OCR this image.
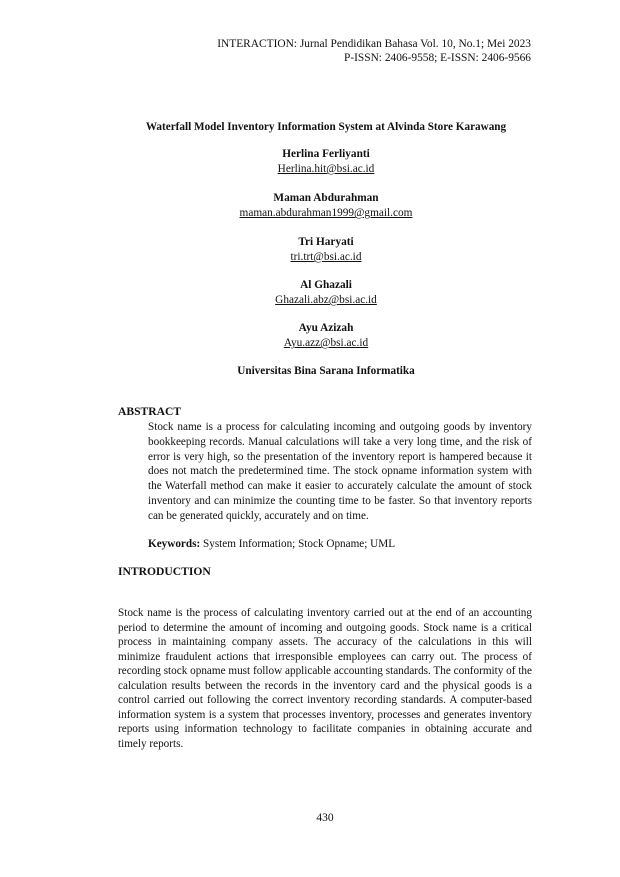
INTERACTION: Jurnal Pendidikan Bahasa Vol. 10, No.1; Mei 2023
P-ISSN: 2406-9558; E-ISSN: 2406-9566
Waterfall Model Inventory Information System at Alvinda Store Karawang
Herlina Ferliyanti
Herlina.hit@bsi.ac.id
Maman Abdurahman
maman.abdurahman1999@gmail.com
Tri Haryati
tri.trt@bsi.ac.id
Al Ghazali
Ghazali.abz@bsi.ac.id
Ayu Azizah
Ayu.azz@bsi.ac.id
Universitas Bina Sarana Informatika
ABSTRACT
Stock name is a process for calculating incoming and outgoing goods by inventory bookkeeping records. Manual calculations will take a very long time, and the risk of error is very high, so the presentation of the inventory report is hampered because it does not match the predetermined time. The stock opname information system with the Waterfall method can make it easier to accurately calculate the amount of stock inventory and can minimize the counting time to be faster. So that inventory reports can be generated quickly, accurately and on time.
Keywords: System Information; Stock Opname; UML
INTRODUCTION
Stock name is the process of calculating inventory carried out at the end of an accounting period to determine the amount of incoming and outgoing goods. Stock name is a critical process in maintaining company assets. The accuracy of the calculations in this will minimize fraudulent actions that irresponsible employees can carry out. The process of recording stock opname must follow applicable accounting standards. The conformity of the calculation results between the records in the inventory card and the physical goods is a control carried out following the correct inventory recording standards. A computer-based information system is a system that processes inventory, processes and generates inventory reports using information technology to facilitate companies in obtaining accurate and timely reports.
430
